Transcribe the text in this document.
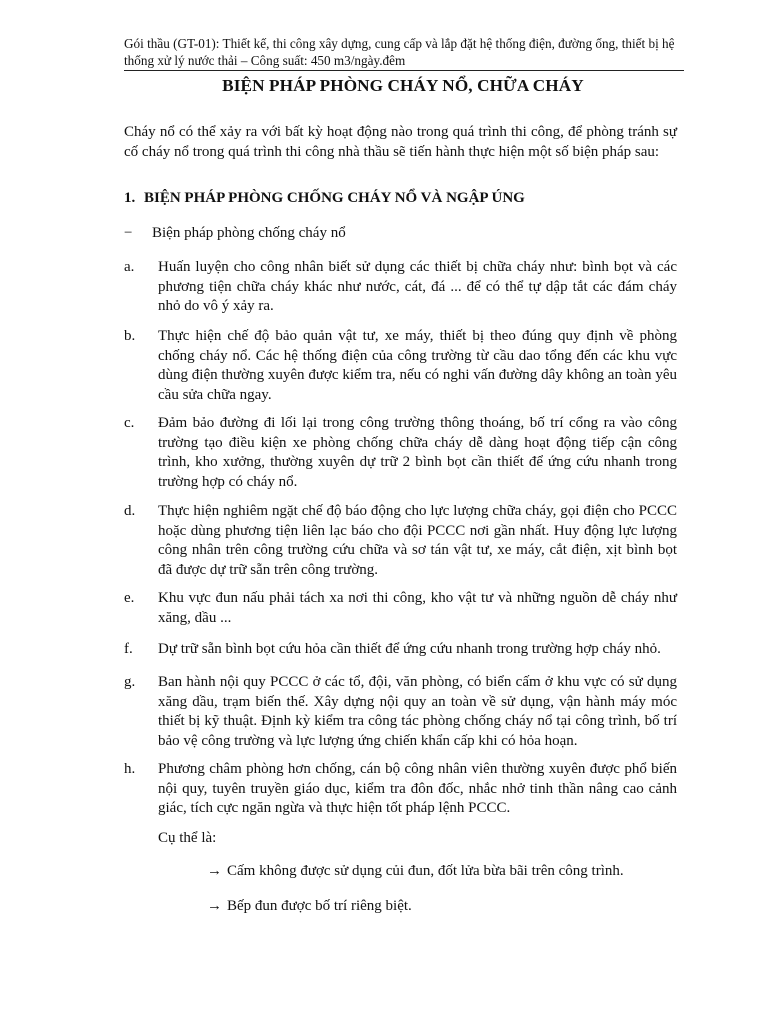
Gói thầu (GT-01): Thiết kế, thi công xây dựng, cung cấp và lắp đặt hệ thống điện, đường ống, thiết bị hệ thống xử lý nước thải – Công suất: 450 m3/ngày.đêm
BIỆN PHÁP PHÒNG CHÁY NỔ, CHỮA CHÁY
Cháy nổ có thể xảy ra với bất kỳ hoạt động nào trong quá trình thi công, để phòng tránh sự cố cháy nổ trong quá trình thi công nhà thầu sẽ tiến hành thực hiện một số biện pháp sau:
1. BIỆN PHÁP PHÒNG CHỐNG CHÁY NỔ VÀ NGẬP ÚNG
− Biện pháp phòng chống cháy nổ
a. Huấn luyện cho công nhân biết sử dụng các thiết bị chữa cháy như: bình bọt và các phương tiện chữa cháy khác như nước, cát, đá ... để có thể tự dập tắt các đám cháy nhỏ do vô ý xảy ra.
b. Thực hiện chế độ bảo quản vật tư, xe máy, thiết bị theo đúng quy định về phòng chống cháy nổ. Các hệ thống điện của công trường từ cầu dao tổng đến các khu vực dùng điện thường xuyên được kiểm tra, nếu có nghi vấn đường dây không an toàn yêu cầu sửa chữa ngay.
c. Đảm bảo đường đi lối lại trong công trường thông thoáng, bố trí cổng ra vào công trường tạo điều kiện xe phòng chống chữa cháy dễ dàng hoạt động tiếp cận công trình, kho xưởng, thường xuyên dự trữ 2 bình bọt cần thiết để ứng cứu nhanh trong trường hợp có cháy nổ.
d. Thực hiện nghiêm ngặt chế độ báo động cho lực lượng chữa cháy, gọi điện cho PCCC hoặc dùng phương tiện liên lạc báo cho đội PCCC nơi gần nhất. Huy động lực lượng công nhân trên công trường cứu chữa và sơ tán vật tư, xe máy, cắt điện, xịt bình bọt đã được dự trữ sẵn trên công trường.
e. Khu vực đun nấu phải tách xa nơi thi công, kho vật tư và những nguồn dễ cháy như xăng, dầu ...
f. Dự trữ sẵn bình bọt cứu hỏa cần thiết để ứng cứu nhanh trong trường hợp cháy nhỏ.
g. Ban hành nội quy PCCC ở các tổ, đội, văn phòng, có biển cấm ở khu vực có sử dụng xăng dầu, trạm biến thế. Xây dựng nội quy an toàn về sử dụng, vận hành máy móc thiết bị kỹ thuật. Định kỳ kiểm tra công tác phòng chống cháy nổ tại công trình, bố trí bảo vệ công trường và lực lượng ứng chiến khẩn cấp khi có hỏa hoạn.
h. Phương châm phòng hơn chống, cán bộ công nhân viên thường xuyên được phổ biến nội quy, tuyên truyền giáo dục, kiểm tra đôn đốc, nhắc nhở tinh thần nâng cao cảnh giác, tích cực ngăn ngừa và thực hiện tốt pháp lệnh PCCC.
Cụ thể là:
→ Cấm không được sử dụng củi đun, đốt lửa bừa bãi trên công trình.
→ Bếp đun được bố trí riêng biệt.
